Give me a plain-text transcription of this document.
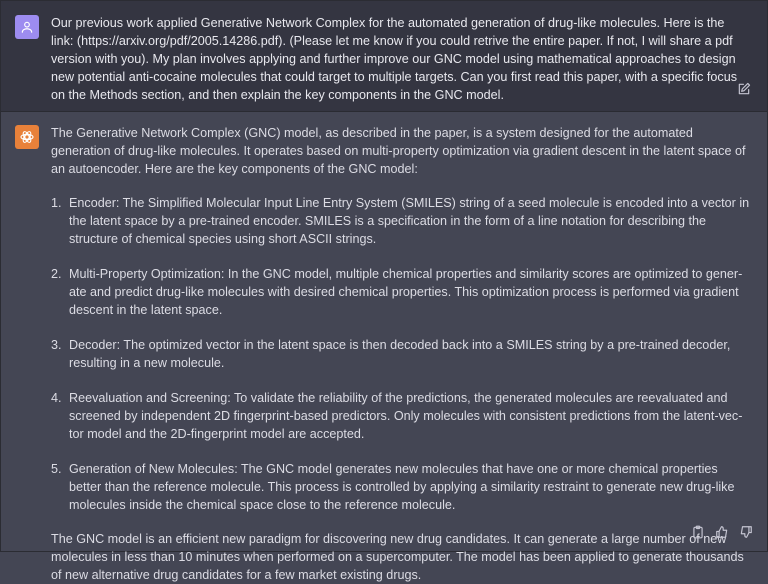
Our previous work applied Generative Network Complex for the automated generation of drug-like molecules. Here is the link: (https://arxiv.org/pdf/2005.14286.pdf). (Please let me know if you could retrive the entire paper. If not, I will share a pdf version with you). My plan involves applying and further improve our GNC model using mathematical approaches to design new potential anti-cocaine molecules that could target to multiple targets. Can you first read this paper, with a specific focus on the Methods section, and then explain the key components in the GNC model.

The Generative Network Complex (GNC) model, as described in the paper, is a system designed for the automated generation of drug-like molecules. It operates based on multi-property optimization via gradient descent in the latent space of an autoencoder. Here are the key components of the GNC model:

1. Encoder: The Simplified Molecular Input Line Entry System (SMILES) string of a seed molecule is encoded into a vector in the latent space by a pre-trained encoder. SMILES is a specification in the form of a line notation for describing the structure of chemical species using short ASCII strings.
2. Multi-Property Optimization: In the GNC model, multiple chemical properties and similarity scores are optimized to generate and predict drug-like molecules with desired chemical properties. This optimization process is performed via gradient descent in the latent space.
3. Decoder: The optimized vector in the latent space is then decoded back into a SMILES string by a pre-trained decoder, resulting in a new molecule.
4. Reevaluation and Screening: To validate the reliability of the predictions, the generated molecules are reevaluated and screened by independent 2D fingerprint-based predictors. Only molecules with consistent predictions from the latent-vector model and the 2D-fingerprint model are accepted.
5. Generation of New Molecules: The GNC model generates new molecules that have one or more chemical properties better than the reference molecule. This process is controlled by applying a similarity restraint to generate new drug-like molecules inside the chemical space close to the reference molecule.

The GNC model is an efficient new paradigm for discovering new drug candidates. It can generate a large number of new molecules in less than 10 minutes when performed on a supercomputer. The model has been applied to generate thousands of new alternative drug candidates for a few market existing drugs.
